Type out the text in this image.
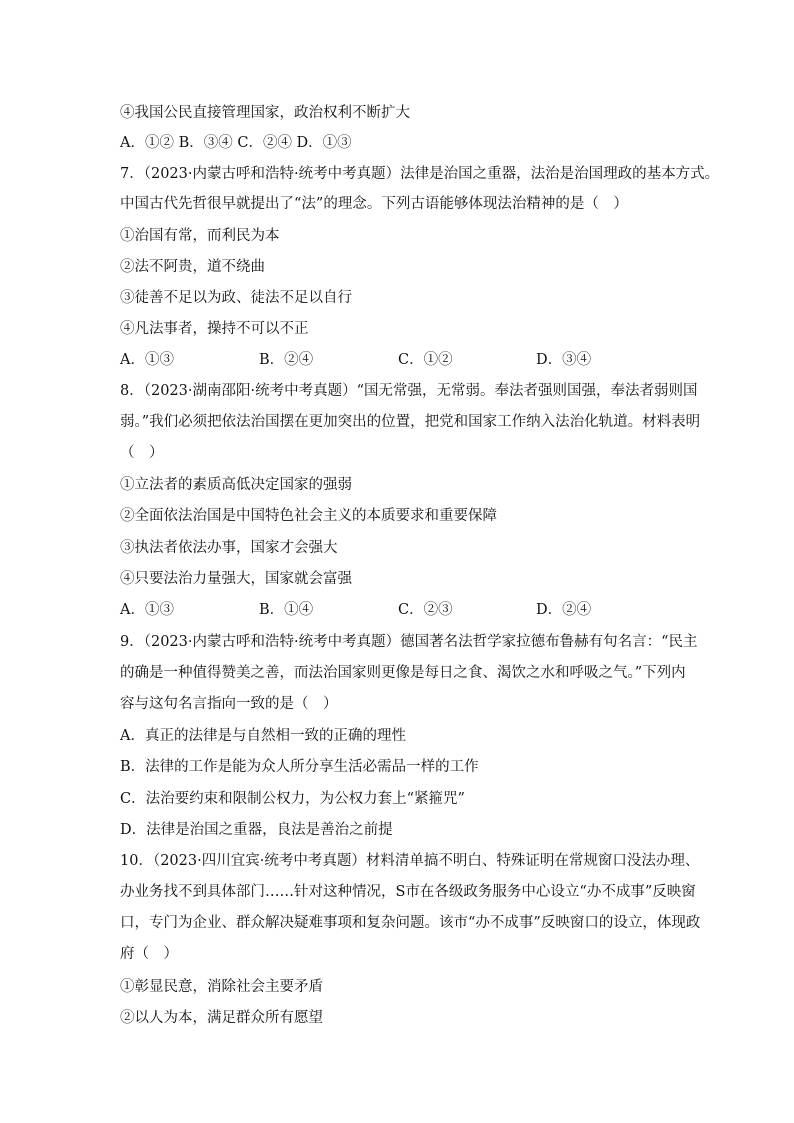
④我国公民直接管理国家，政治权利不断扩大
A．①② B．③④ C．②④ D．①③
7．（2023·内蒙古呼和浩特·统考中考真题）法律是治国之重器，法治是治国理政的基本方式。
中国古代先哲很早就提出了“法”的理念。下列古语能够体现法治精神的是（　）
①治国有常，而利民为本
②法不阿贵，道不绕曲
③徒善不足以为政、徒法不足以自行
④凡法事者，操持不可以不正
A．①③	B．②④	C．①②	D．③④
8．（2023·湖南邵阳·统考中考真题）“国无常强，无常弱。奉法者强则国强，奉法者弱则国
弱。”我们必须把依法治国摆在更加突出的位置，把党和国家工作纳入法治化轨道。材料表明
（　）
①立法者的素质高低决定国家的强弱
②全面依法治国是中国特色社会主义的本质要求和重要保障
③执法者依法办事，国家才会强大
④只要法治力量强大，国家就会富强
A．①③	B．①④	C．②③	D．②④
9．（2023·内蒙古呼和浩特·统考中考真题）德国著名法哲学家拉德布鲁赫有句名言：“民主
的确是一种值得赞美之善，而法治国家则更像是每日之食、渴饮之水和呼吸之气。”下列内
容与这句名言指向一致的是（　）
A．真正的法律是与自然相一致的正确的理性
B．法律的工作是能为众人所分享生活必需品一样的工作
C．法治要约束和限制公权力，为公权力套上“紧箍咒”
D．法律是治国之重器，良法是善治之前提
10．（2023·四川宜宾·统考中考真题）材料清单搞不明白、特殊证明在常规窗口没法办理、
办业务找不到具体部门……针对这种情况，S市在各级政务服务中心设立“办不成事”反映窗
口，专门为企业、群众解决疑难事项和复杂问题。该市“办不成事”反映窗口的设立，体现政
府（　）
①彰显民意，消除社会主要矛盾
②以人为本，满足群众所有愿望
